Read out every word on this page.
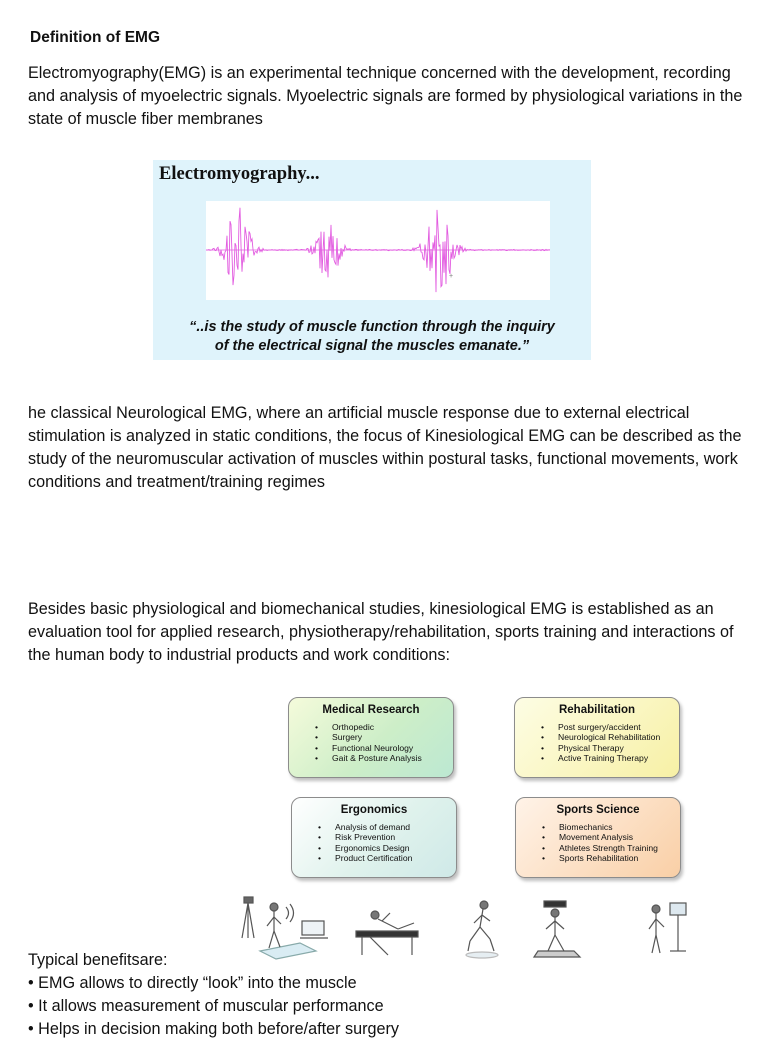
Definition of EMG
Electromyography(EMG) is an experimental technique concerned with the development, recording and analysis of myoelectric signals. Myoelectric signals are formed by physiological variations in the state of muscle fiber membranes
Electromyography...
+
“..is the study of muscle function through the inquiry
of the electrical signal the muscles emanate.”
he classical Neurological EMG, where an artificial muscle response due to external electrical stimulation is analyzed in static conditions, the focus of Kinesiological EMG can be described as the study of the neuromuscular activation of muscles within postural tasks, functional movements, work conditions and treatment/training regimes
Besides basic physiological and biomechanical studies, kinesiological EMG is established as an evaluation tool for applied research, physiotherapy/rehabilitation, sports training and interactions of the human body to industrial products and work conditions:
Medical Research
• Orthopedic
• Surgery
• Functional Neurology
• Gait & Posture Analysis
Rehabilitation
• Post surgery/accident
• Neurological Rehabilitation
• Physical Therapy
• Active Training Therapy
Ergonomics
• Analysis of demand
• Risk Prevention
• Ergonomics Design
• Product Certification
Sports Science
• Biomechanics
• Movement Analysis
• Athletes Strength Training
• Sports Rehabilitation
Typical benefitsare:
• EMG allows to directly “look” into the muscle
• It allows measurement of muscular performance
• Helps in decision making both before/after surgery
